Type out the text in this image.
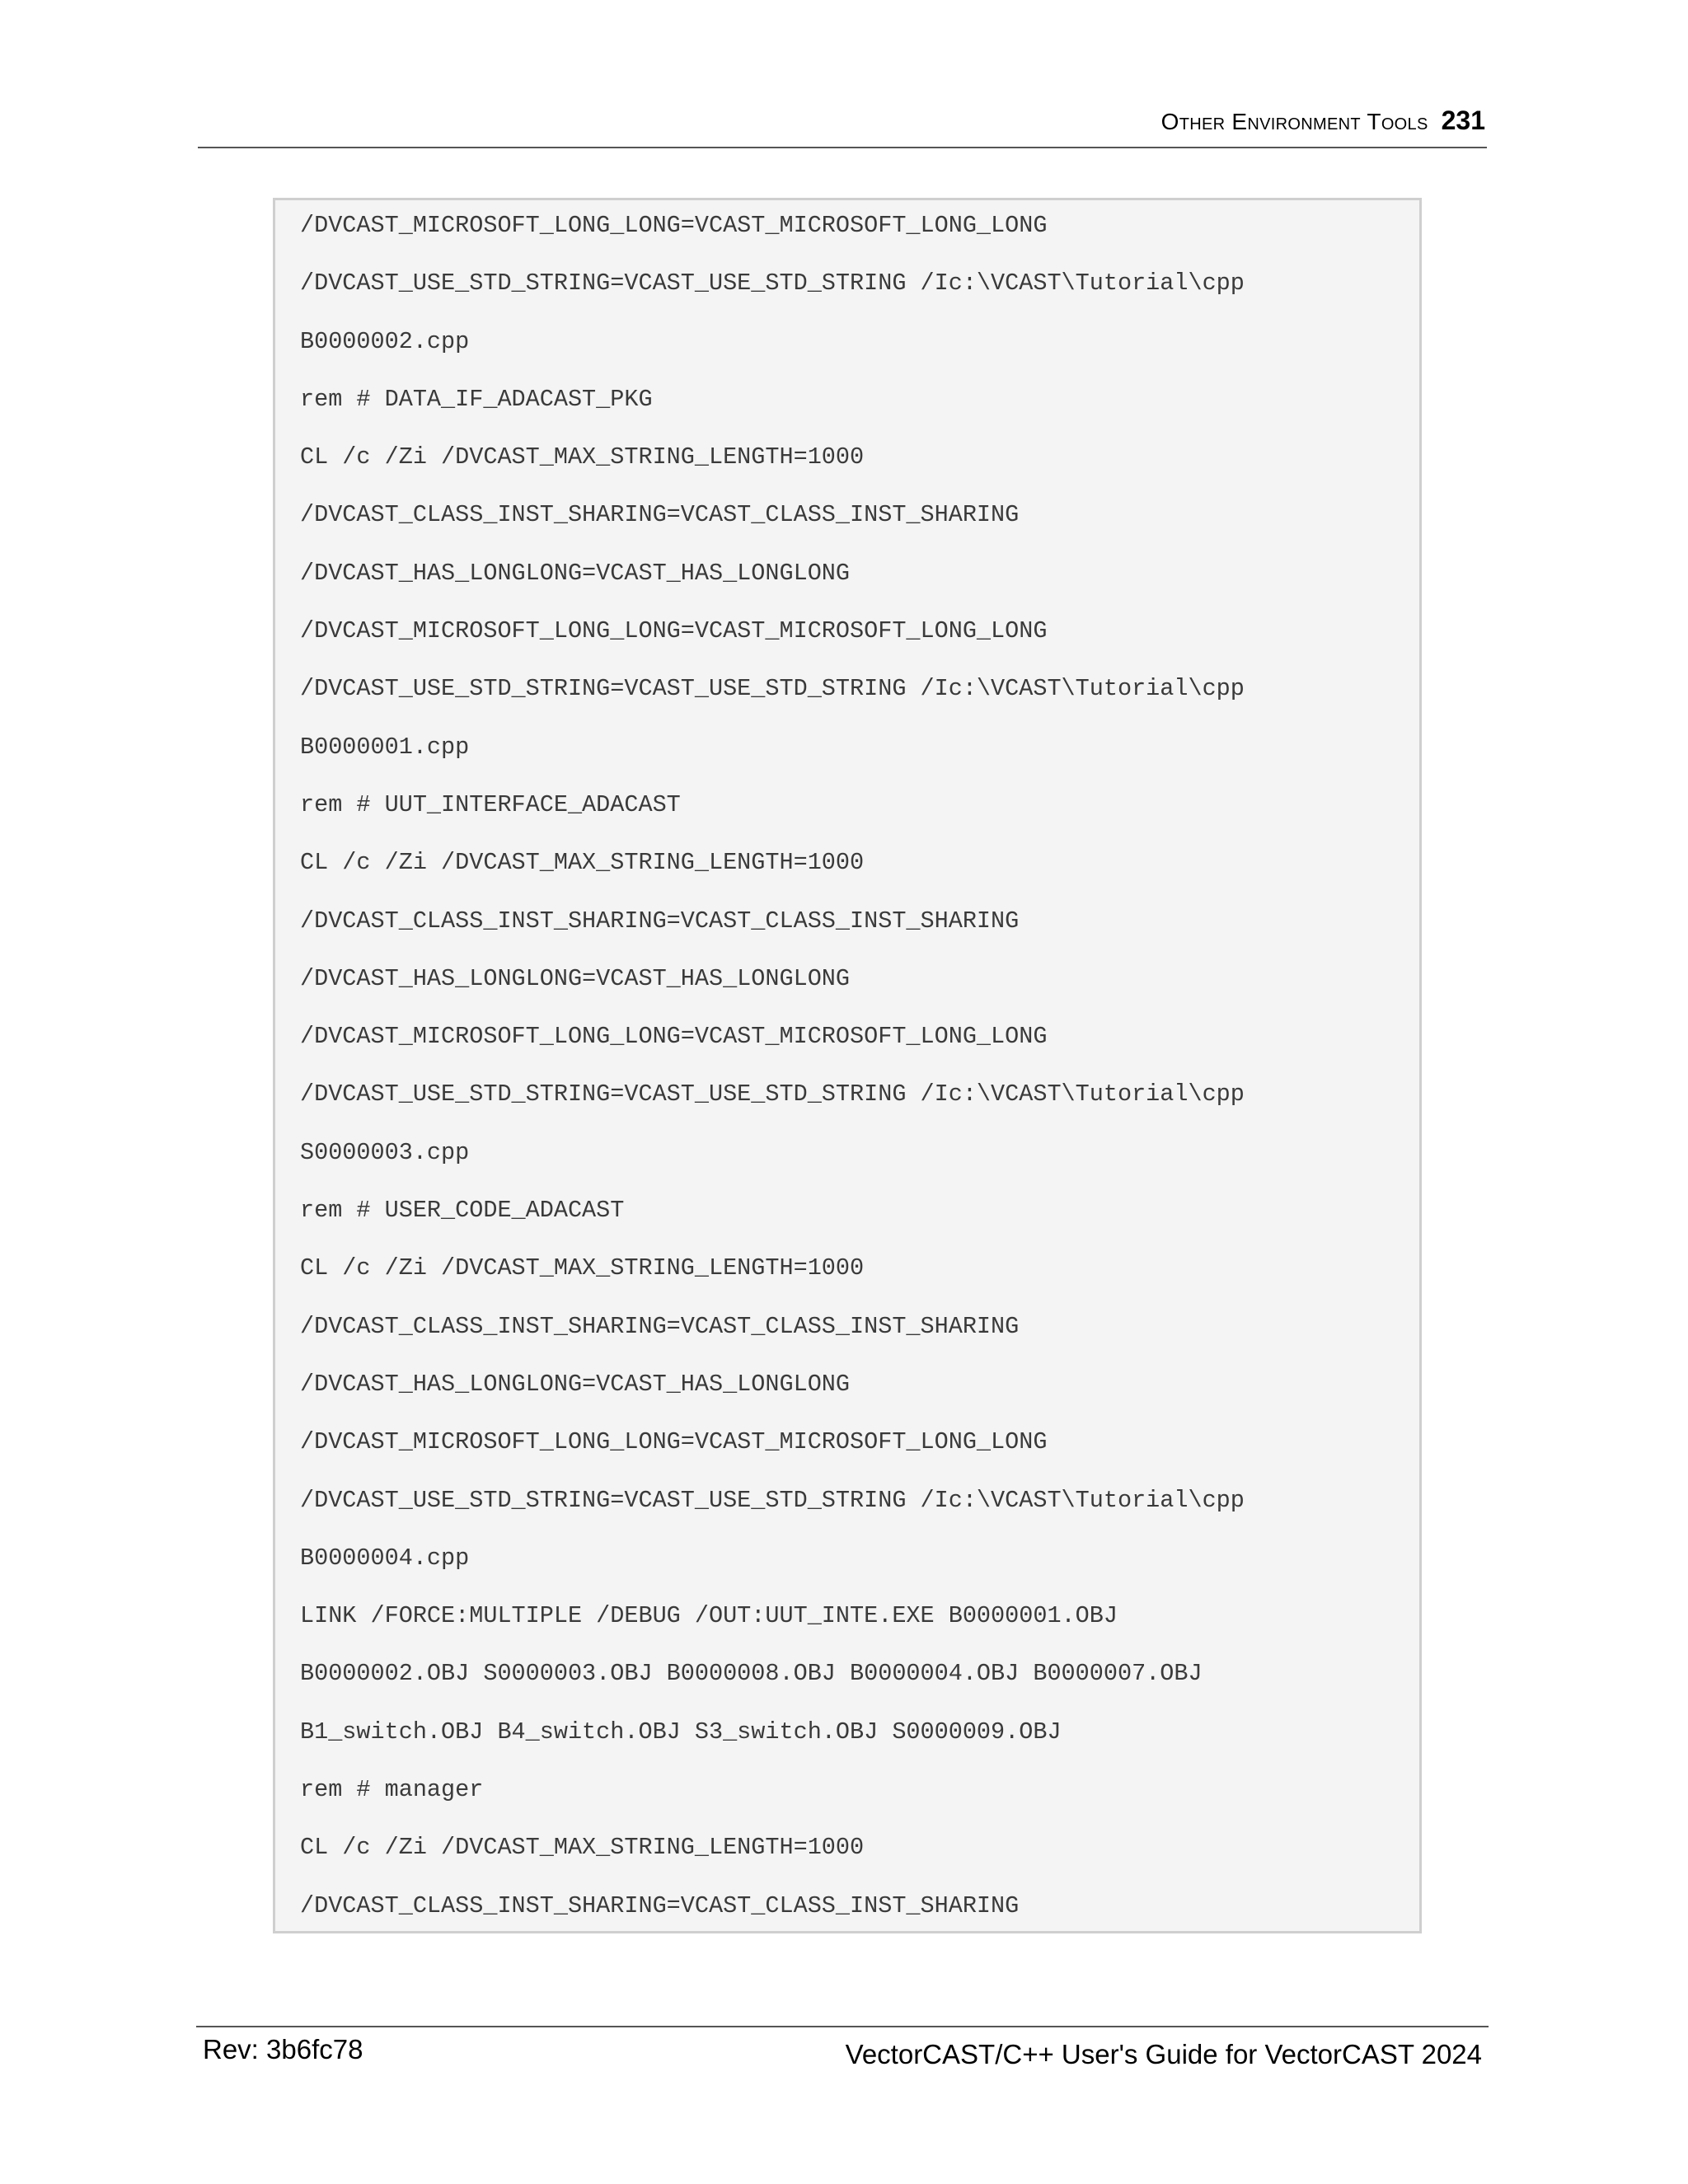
Other Environment Tools 231
/DVCAST_MICROSOFT_LONG_LONG=VCAST_MICROSOFT_LONG_LONG
/DVCAST_USE_STD_STRING=VCAST_USE_STD_STRING /Ic:\VCAST\Tutorial\cpp
B0000002.cpp
rem # DATA_IF_ADACAST_PKG
CL /c /Zi /DVCAST_MAX_STRING_LENGTH=1000
/DVCAST_CLASS_INST_SHARING=VCAST_CLASS_INST_SHARING
/DVCAST_HAS_LONGLONG=VCAST_HAS_LONGLONG
/DVCAST_MICROSOFT_LONG_LONG=VCAST_MICROSOFT_LONG_LONG
/DVCAST_USE_STD_STRING=VCAST_USE_STD_STRING /Ic:\VCAST\Tutorial\cpp
B0000001.cpp
rem # UUT_INTERFACE_ADACAST
CL /c /Zi /DVCAST_MAX_STRING_LENGTH=1000
/DVCAST_CLASS_INST_SHARING=VCAST_CLASS_INST_SHARING
/DVCAST_HAS_LONGLONG=VCAST_HAS_LONGLONG
/DVCAST_MICROSOFT_LONG_LONG=VCAST_MICROSOFT_LONG_LONG
/DVCAST_USE_STD_STRING=VCAST_USE_STD_STRING /Ic:\VCAST\Tutorial\cpp
S0000003.cpp
rem # USER_CODE_ADACAST
CL /c /Zi /DVCAST_MAX_STRING_LENGTH=1000
/DVCAST_CLASS_INST_SHARING=VCAST_CLASS_INST_SHARING
/DVCAST_HAS_LONGLONG=VCAST_HAS_LONGLONG
/DVCAST_MICROSOFT_LONG_LONG=VCAST_MICROSOFT_LONG_LONG
/DVCAST_USE_STD_STRING=VCAST_USE_STD_STRING /Ic:\VCAST\Tutorial\cpp
B0000004.cpp
LINK /FORCE:MULTIPLE /DEBUG /OUT:UUT_INTE.EXE B0000001.OBJ
B0000002.OBJ S0000003.OBJ B0000008.OBJ B0000004.OBJ B0000007.OBJ
B1_switch.OBJ B4_switch.OBJ S3_switch.OBJ S0000009.OBJ
rem # manager
CL /c /Zi /DVCAST_MAX_STRING_LENGTH=1000
/DVCAST_CLASS_INST_SHARING=VCAST_CLASS_INST_SHARING
Rev: 3b6fc78	VectorCAST/C++ User's Guide for VectorCAST 2024
